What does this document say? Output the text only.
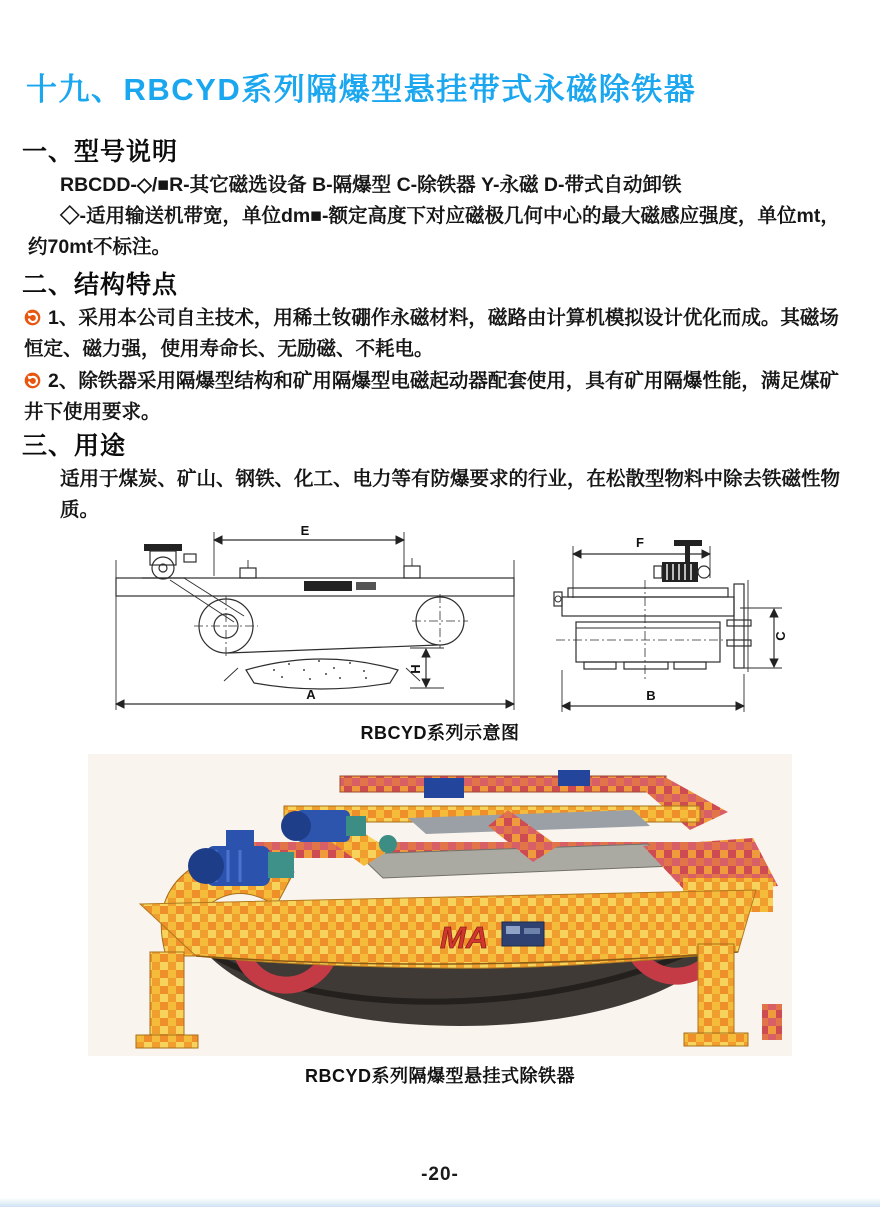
十九、RBCYD系列隔爆型悬挂带式永磁除铁器
一、型号说明
RBCDD-◇/■R-其它磁选设备 B-隔爆型 C-除铁器 Y-永磁 D-带式自动卸铁
◇-适用输送机带宽，单位dm■-额定高度下对应磁极几何中心的最大磁感应强度，单位mt，约70mt不标注。
二、结构特点

1、采用本公司自主技术，用稀土钕硼作永磁材料，磁路由计算机模拟设计优化而成。其磁场恒定、磁力强，使用寿命长、无励磁、不耗电。

2、除铁器采用隔爆型结构和矿用隔爆型电磁起动器配套使用，具有矿用隔爆性能，满足煤矿井下使用要求。

三、用途
适用于煤炭、矿山、钢铁、化工、电力等有防爆要求的行业，在松散型物料中除去铁磁性物质。
E
H
A
F
C
B
RBCYD系列示意图
MA
RBCYD系列隔爆型悬挂式除铁器
-20-
